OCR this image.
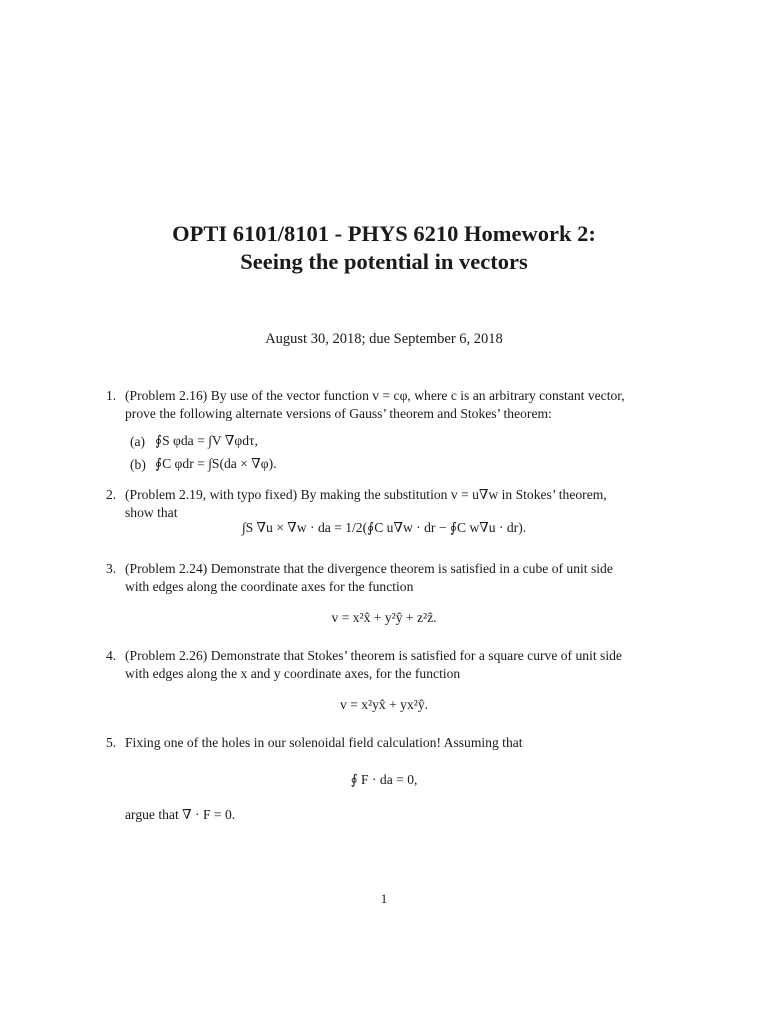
OPTI 6101/8101 - PHYS 6210 Homework 2:
Seeing the potential in vectors
August 30, 2018; due September 6, 2018
1. (Problem 2.16) By use of the vector function v = cφ, where c is an arbitrary constant vector,
prove the following alternate versions of Gauss’ theorem and Stokes’ theorem:
(a) ∮S φda = ∫V ∇φdτ,
(b) ∮C φdr = ∫S(da × ∇φ).
2. (Problem 2.19, with typo fixed) By making the substitution v = u∇w in Stokes’ theorem,
show that
∫S ∇u × ∇w · da = 1/2(∮C u∇w · dr − ∮C w∇u · dr).
3. (Problem 2.24) Demonstrate that the divergence theorem is satisfied in a cube of unit side
with edges along the coordinate axes for the function
v = x²x̂ + y²ŷ + z²ẑ.
4. (Problem 2.26) Demonstrate that Stokes’ theorem is satisfied for a square curve of unit side
with edges along the x and y coordinate axes, for the function
v = x²yx̂ + yx²ŷ.
5. Fixing one of the holes in our solenoidal field calculation! Assuming that
∮ F · da = 0,
argue that ∇ · F = 0.
1
